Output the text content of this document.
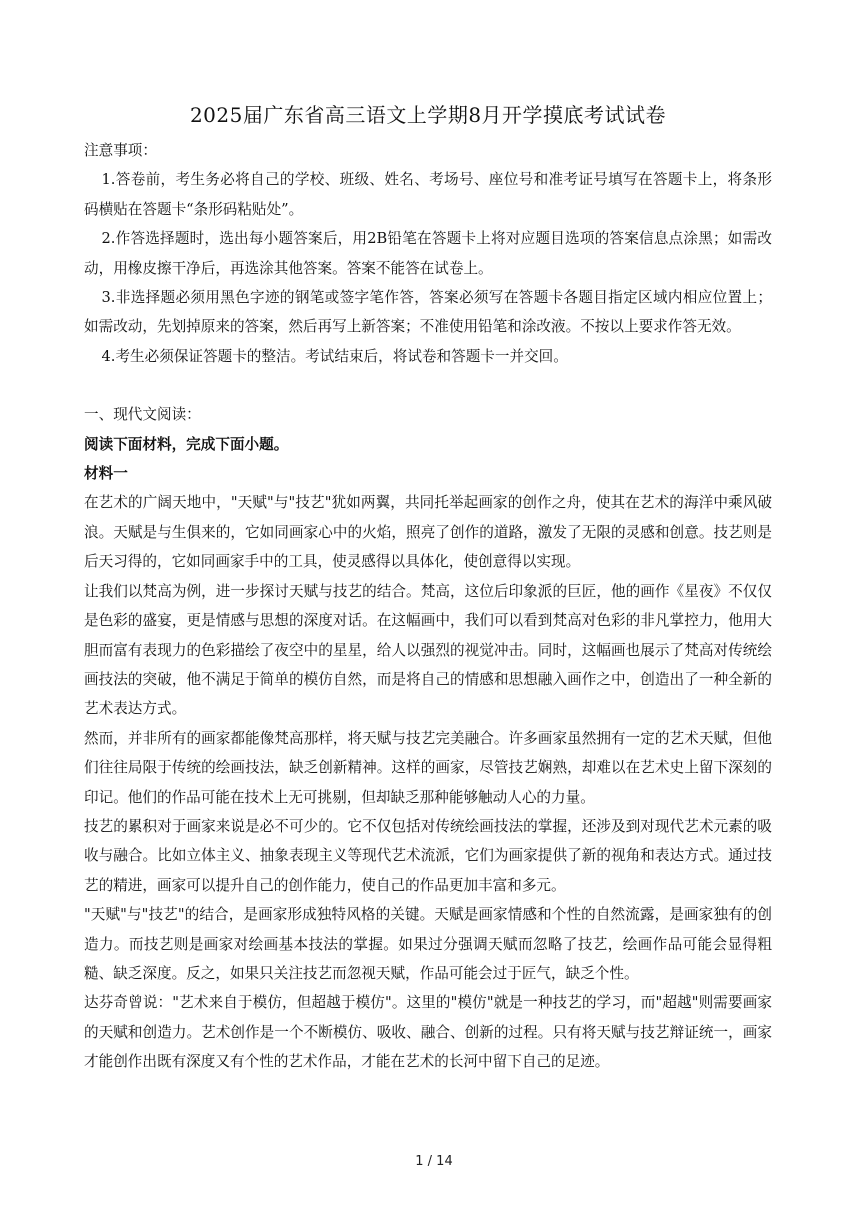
2025届广东省高三语文上学期8月开学摸底考试试卷

注意事项：

1.答卷前，考生务必将自己的学校、班级、姓名、考场号、座位号和准考证号填写在答题卡上，将条形码横贴在答题卡“条形码粘贴处”。

2.作答选择题时，选出每小题答案后，用2B铅笔在答题卡上将对应题目选项的答案信息点涂黑；如需改动，用橡皮擦干净后，再选涂其他答案。答案不能答在试卷上。

3.非选择题必须用黑色字迹的钢笔或签字笔作答，答案必须写在答题卡各题目指定区域内相应位置上；如需改动，先划掉原来的答案，然后再写上新答案；不准使用铅笔和涂改液。不按以上要求作答无效。

4.考生必须保证答题卡的整洁。考试结束后，将试卷和答题卡一并交回。

一、现代文阅读：

阅读下面材料，完成下面小题。

材料一

在艺术的广阔天地中，"天赋"与"技艺"犹如两翼，共同托举起画家的创作之舟，使其在艺术的海洋中乘风破浪。天赋是与生俱来的，它如同画家心中的火焰，照亮了创作的道路，激发了无限的灵感和创意。技艺则是后天习得的，它如同画家手中的工具，使灵感得以具体化，使创意得以实现。

让我们以梵高为例，进一步探讨天赋与技艺的结合。梵高，这位后印象派的巨匠，他的画作《星夜》不仅仅是色彩的盛宴，更是情感与思想的深度对话。在这幅画中，我们可以看到梵高对色彩的非凡掌控力，他用大胆而富有表现力的色彩描绘了夜空中的星星，给人以强烈的视觉冲击。同时，这幅画也展示了梵高对传统绘画技法的突破，他不满足于简单的模仿自然，而是将自己的情感和思想融入画作之中，创造出了一种全新的艺术表达方式。

然而，并非所有的画家都能像梵高那样，将天赋与技艺完美融合。许多画家虽然拥有一定的艺术天赋，但他们往往局限于传统的绘画技法，缺乏创新精神。这样的画家，尽管技艺娴熟，却难以在艺术史上留下深刻的印记。他们的作品可能在技术上无可挑剔，但却缺乏那种能够触动人心的力量。

技艺的累积对于画家来说是必不可少的。它不仅包括对传统绘画技法的掌握，还涉及到对现代艺术元素的吸收与融合。比如立体主义、抽象表现主义等现代艺术流派，它们为画家提供了新的视角和表达方式。通过技艺的精进，画家可以提升自己的创作能力，使自己的作品更加丰富和多元。

"天赋"与"技艺"的结合，是画家形成独特风格的关键。天赋是画家情感和个性的自然流露，是画家独有的创造力。而技艺则是画家对绘画基本技法的掌握。如果过分强调天赋而忽略了技艺，绘画作品可能会显得粗糙、缺乏深度。反之，如果只关注技艺而忽视天赋，作品可能会过于匠气，缺乏个性。

达芬奇曾说："艺术来自于模仿，但超越于模仿"。这里的"模仿"就是一种技艺的学习，而"超越"则需要画家的天赋和创造力。艺术创作是一个不断模仿、吸收、融合、创新的过程。只有将天赋与技艺辩证统一，画家才能创作出既有深度又有个性的艺术作品，才能在艺术的长河中留下自己的足迹。

1 / 14
